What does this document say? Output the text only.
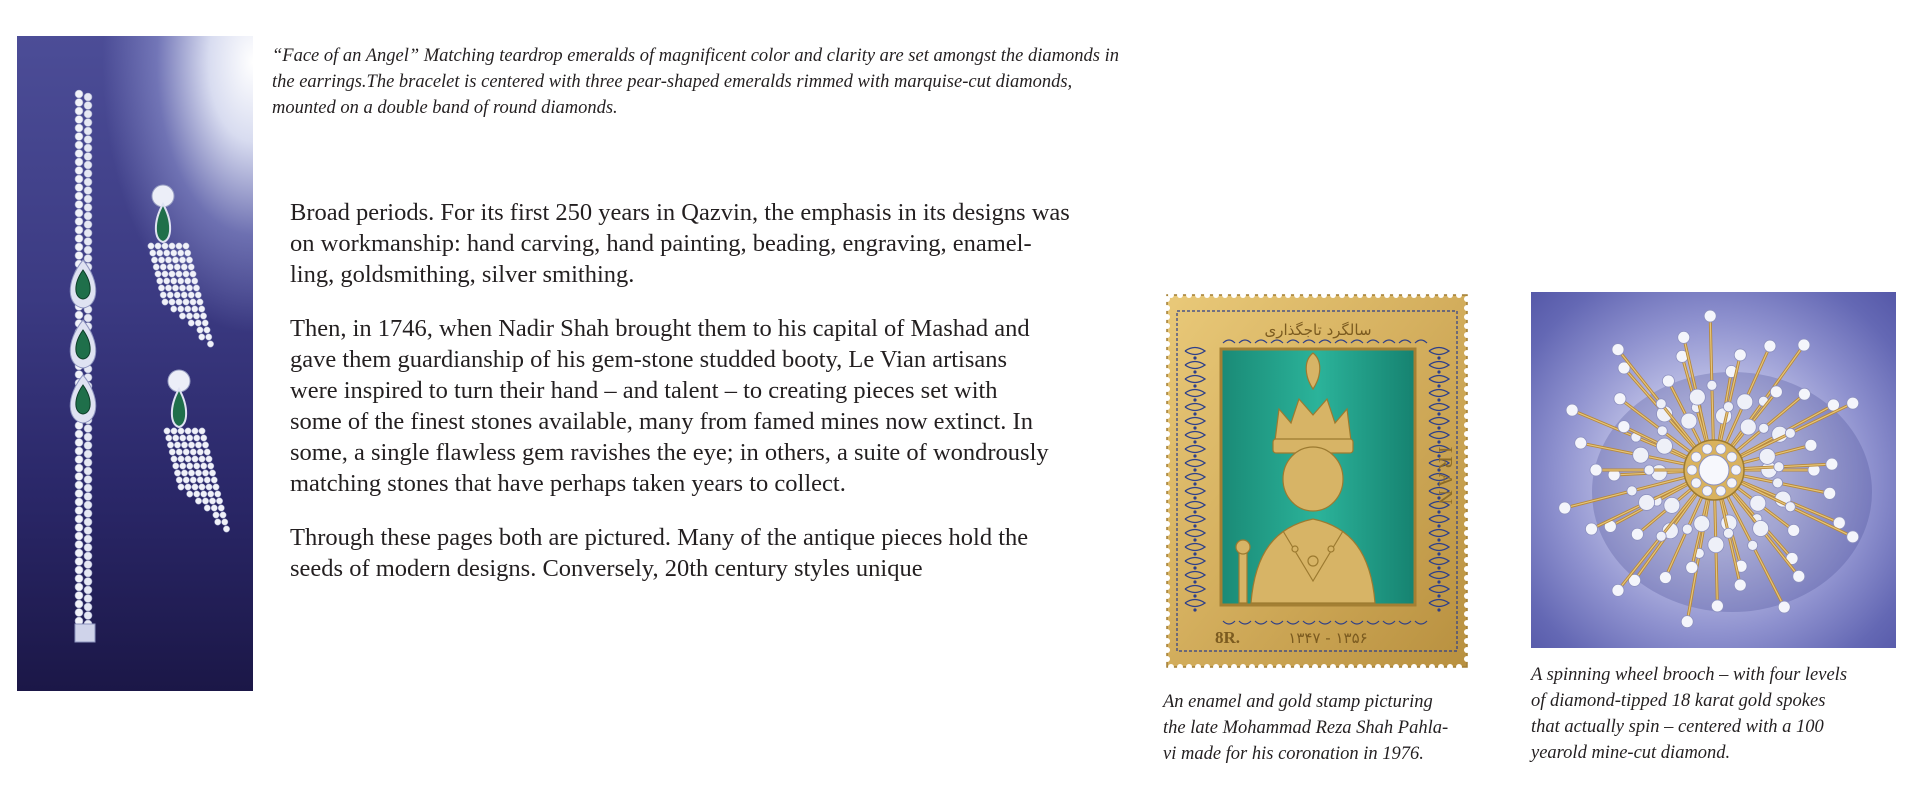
“Face of an Angel” Matching teardrop emeralds of magnificent color and clarity are set amongst the diamonds in
the earrings.The bracelet is centered with three pear-shaped emeralds rimmed with marquise-cut diamonds,
mounted on a double band of round diamonds.

Broad periods. For its first 250 years in Qazvin, the emphasis in its designs was
on workmanship: hand carving, hand painting, beading, engraving, enamel-
ling, goldsmithing, silver smithing.

Then, in 1746, when Nadir Shah brought them to his capital of Mashad and
gave them guardianship of his gem-stone studded booty, Le Vian artisans
were inspired to turn their hand – and talent – to creating pieces set with
some of the finest stones available, many from famed mines now extinct. In
some, a single flawless gem ravishes the eye; in others, a suite of wondrously
matching stones that have perhaps taken years to collect.

Through these pages both are pictured. Many of the antique pieces hold the
seeds of modern designs. Conversely, 20th century styles unique

سالگرد تاجگذاری
IRAN
8R.	۱۳۴۷ - ۱۳۵۶
An enamel and gold stamp picturing
the late Mohammad Reza Shah Pahla-
vi made for his coronation in 1976.
A spinning wheel brooch – with four levels
of diamond-tipped 18 karat gold spokes
that actually spin – centered with a 100
yearold mine-cut diamond.
